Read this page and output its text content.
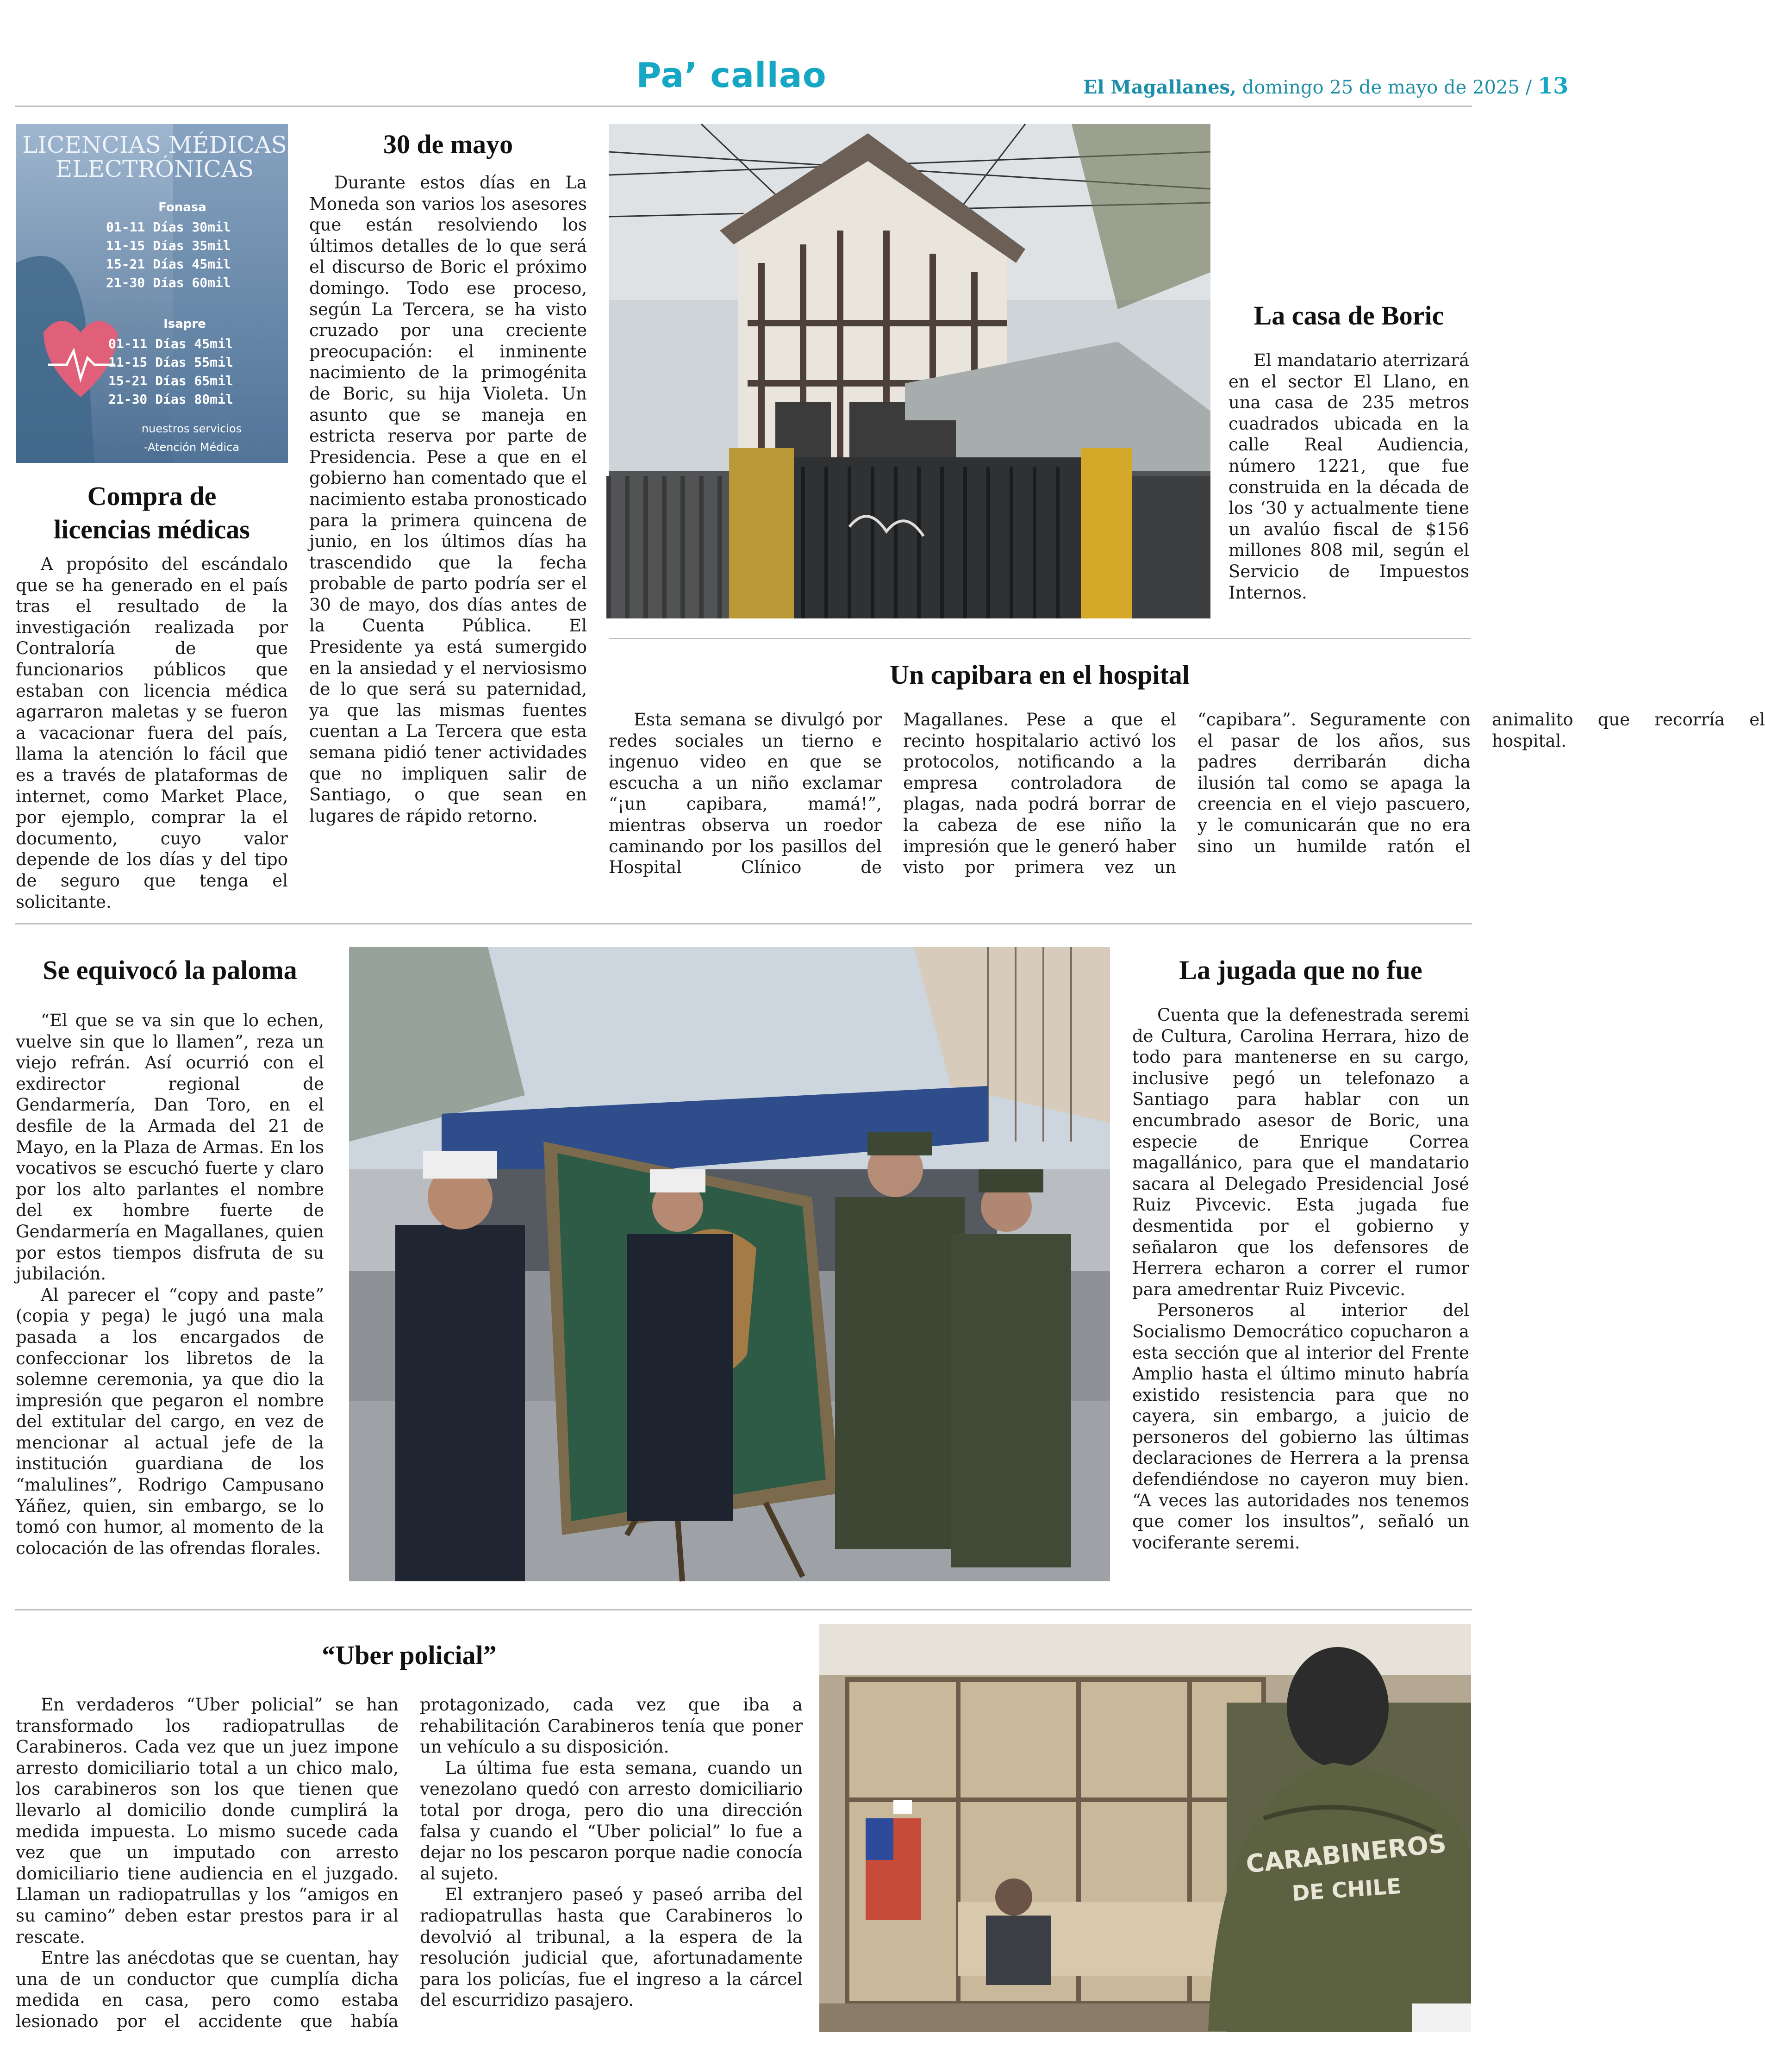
Pa’ callao	El Magallanes, domingo 25 de mayo de 2025 / 13
LICENCIAS MÉDICAS
ELECTRÓNICAS
Fonasa
01-11 Días 30mil
11-15 Días 35mil
15-21 Días 45mil
21-30 Días 60mil
Isapre
01-11 Días 45mil
11-15 Días 55mil
15-21 Días 65mil
21-30 Días 80mil
nuestros servicios
-Atención Médica
Compra de
licencias médicas

A propósito del escándalo que se ha generado en el país tras el resultado de la investigación realizada por Contraloría de que funcionarios públicos que estaban con licencia médica agarraron maletas y se fueron a vacacionar fuera del país, llama la atención lo fácil que es a través de plataformas de internet, como Market Place, por ejemplo, comprar la el documento, cuyo valor depende de los días y del tipo de seguro que tenga el solicitante.

30 de mayo

Durante estos días en La Moneda son varios los asesores que están resolviendo los últimos detalles de lo que será el discurso de Boric el próximo domingo. Todo ese proceso, según La Tercera, se ha visto cruzado por una creciente preocupación: el inminente nacimiento de la primogénita de Boric, su hija Violeta. Un asunto que se maneja en estricta reserva por parte de Presidencia. Pese a que en el gobierno han comentado que el nacimiento estaba pronosticado para la primera quincena de junio, en los últimos días ha trascendido que la fecha probable de parto podría ser el 30 de mayo, dos días antes de la Cuenta Pública. El Presidente ya está sumergido en la ansiedad y el nerviosismo de lo que será su paternidad, ya que las mismas fuentes cuentan a La Tercera que esta semana pidió tener actividades que no impliquen salir de Santiago, o que sean en lugares de rápido retorno.

La casa de Boric

El mandatario aterrizará en el sector El Llano, en una casa de 235 metros cuadrados ubicada en la calle Real Audiencia, número 1221, que fue construida en la década de los ‘30 y actualmente tiene un avalúo fiscal de $156 millones 808 mil, según el Servicio de Impuestos Internos.

Un capibara en el hospital

Esta semana se divulgó por redes sociales un tierno e ingenuo video en que se escucha a un niño exclamar “¡un capibara, mamá!”, mientras observa un roedor caminando por los pasillos del Hospital Clínico de Magallanes. Pese a que el recinto hospitalario activó los protocolos, notificando a la empresa controladora de plagas, nada podrá borrar de la cabeza de ese niño la impresión que le generó haber visto por primera vez un “capibara”. Seguramente con el pasar de los años, sus padres derribarán dicha ilusión tal como se apaga la creencia en el viejo pascuero, y le comunicarán que no era sino un humilde ratón el animalito que recorría el hospital.

Se equivocó la paloma

“El que se va sin que lo echen, vuelve sin que lo llamen”, reza un viejo refrán. Así ocurrió con el exdirector regional de Gendarmería, Dan Toro, en el desfile de la Armada del 21 de Mayo, en la Plaza de Armas. En los vocativos se escuchó fuerte y claro por los alto parlantes el nombre del ex hombre fuerte de Gendarmería en Magallanes, quien por estos tiempos disfruta de su jubilación.

Al parecer el “copy and paste” (copia y pega) le jugó una mala pasada a los encargados de confeccionar los libretos de la solemne ceremonia, ya que dio la impresión que pegaron el nombre del extitular del cargo, en vez de mencionar al actual jefe de la institución guardiana de los “malulines”, Rodrigo Campusano Yáñez, quien, sin embargo, se lo tomó con humor, al momento de la colocación de las ofrendas florales.

La jugada que no fue

Cuenta que la defenestrada seremi de Cultura, Carolina Herrara, hizo de todo para mantenerse en su cargo, inclusive pegó un telefonazo a Santiago para hablar con un encumbrado asesor de Boric, una especie de Enrique Correa magallánico, para que el mandatario sacara al Delegado Presidencial José Ruiz Pivcevic. Esta jugada fue desmentida por el gobierno y señalaron que los defensores de Herrera echaron a correr el rumor para amedrentar Ruiz Pivcevic.

Personeros al interior del Socialismo Democrático copucharon a esta sección que al interior del Frente Amplio hasta el último minuto habría existido resistencia para que no cayera, sin embargo, a juicio de personeros del gobierno las últimas declaraciones de Herrera a la prensa defendiéndose no cayeron muy bien. “A veces las autoridades nos tenemos que comer los insultos”, señaló un vociferante seremi.

“Uber policial”

En verdaderos “Uber policial” se han transformado los radiopatrullas de Carabineros. Cada vez que un juez impone arresto domiciliario total a un chico malo, los carabineros son los que tienen que llevarlo al domicilio donde cumplirá la medida impuesta. Lo mismo sucede cada vez que un imputado con arresto domiciliario tiene audiencia en el juzgado. Llaman un radiopatrullas y los “amigos en su camino” deben estar prestos para ir al rescate.

Entre las anécdotas que se cuentan, hay una de un conductor que cumplía dicha medida en casa, pero como estaba lesionado por el accidente que había protagonizado, cada vez que iba a rehabilitación Carabineros tenía que poner un vehículo a su disposición.

La última fue esta semana, cuando un venezolano quedó con arresto domiciliario total por droga, pero dio una dirección falsa y cuando el “Uber policial” lo fue a dejar no los pescaron porque nadie conocía al sujeto.

El extranjero paseó y paseó arriba del radiopatrullas hasta que Carabineros lo devolvió al tribunal, a la espera de la resolución judicial que, afortunadamente para los policías, fue el ingreso a la cárcel del escurridizo pasajero.

CARABINEROS
DE CHILE
